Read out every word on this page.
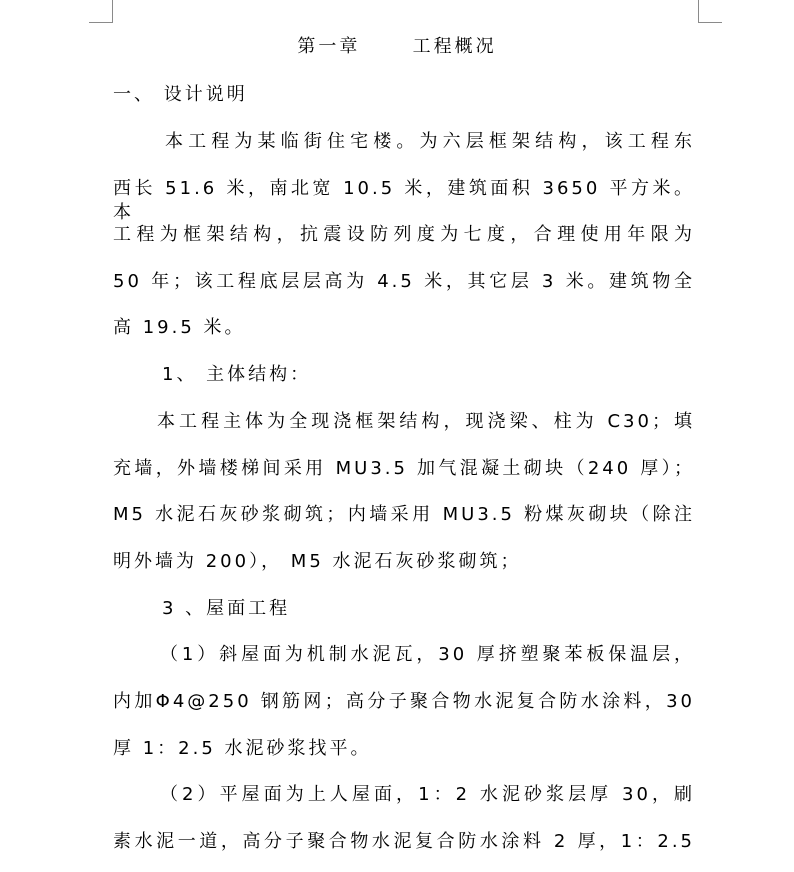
第一章      工程概况

一、 设计说明

本工程为某临街住宅楼。为六层框架结构，该工程东

西长 51.6 米，南北宽 10.5 米，建筑面积 3650 平方米。本

工程为框架结构，抗震设防列度为七度，合理使用年限为

50 年；该工程底层层高为 4.5 米，其它层 3 米。建筑物全

高 19.5 米。

1、 主体结构：

本工程主体为全现浇框架结构，现浇梁、柱为 C30；填

充墙，外墙楼梯间采用 MU3.5 加气混凝土砌块（240 厚）；

M5 水泥石灰砂浆砌筑；内墙采用 MU3.5 粉煤灰砌块（除注

明外墙为 200）， M5 水泥石灰砂浆砌筑；

3 、屋面工程

（1）斜屋面为机制水泥瓦，30 厚挤塑聚苯板保温层，

内加Φ4@250 钢筋网；高分子聚合物水泥复合防水涂料，30

厚 1：2.5 水泥砂浆找平。

（2）平屋面为上人屋面，1：2 水泥砂浆层厚 30，刷

素水泥一道，高分子聚合物水泥复合防水涂料 2 厚，1：2.5
